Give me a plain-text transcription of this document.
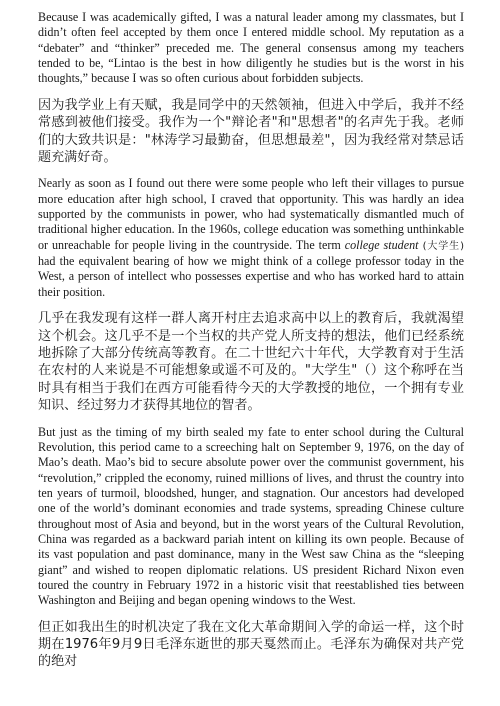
Because I was academically gifted, I was a natural leader among my classmates, but I didn’t often feel accepted by them once I entered middle school. My reputation as a “debater” and “thinker” preceded me. The general consensus among my teachers tended to be, “Lintao is the best in how diligently he studies but is the worst in his thoughts,” because I was so often curious about forbidden subjects.

因为我学业上有天赋，我是同学中的天然领袖，但进入中学后，我并不经常感到被他们接受。我作为一个"辩论者"和"思想者"的名声先于我。老师们的大致共识是："林涛学习最勤奋，但思想最差"，因为我经常对禁忌话题充满好奇。

Nearly as soon as I found out there were some people who left their villages to pursue more education after high school, I craved that opportunity. This was hardly an idea supported by the communists in power, who had systematically dismantled much of traditional higher education. In the 1960s, college education was something unthinkable or unreachable for people living in the countryside. The term college student (大学生) had the equivalent bearing of how we might think of a college professor today in the West, a person of intellect who possesses expertise and who has worked hard to attain their position.

几乎在我发现有这样一群人离开村庄去追求高中以上的教育后，我就渴望这个机会。这几乎不是一个当权的共产党人所支持的想法，他们已经系统地拆除了大部分传统高等教育。在二十世纪六十年代，大学教育对于生活在农村的人来说是不可能想象或遥不可及的。"大学生"（）这个称呼在当时具有相当于我们在西方可能看待今天的大学教授的地位，一个拥有专业知识、经过努力才获得其地位的智者。

But just as the timing of my birth sealed my fate to enter school during the Cultural Revolution, this period came to a screeching halt on September 9, 1976, on the day of Mao’s death. Mao’s bid to secure absolute power over the communist government, his “revolution,” crippled the economy, ruined millions of lives, and thrust the country into ten years of turmoil, bloodshed, hunger, and stagnation. Our ancestors had developed one of the world’s dominant economies and trade systems, spreading Chinese culture throughout most of Asia and beyond, but in the worst years of the Cultural Revolution, China was regarded as a backward pariah intent on killing its own people. Because of its vast population and past dominance, many in the West saw China as the “sleeping giant” and wished to reopen diplomatic relations. US president Richard Nixon even toured the country in February 1972 in a historic visit that reestablished ties between Washington and Beijing and began opening windows to the West.

但正如我出生的时机决定了我在文化大革命期间入学的命运一样，这个时期在1976年9月9日毛泽东逝世的那天戛然而止。毛泽东为确保对共产党的绝对
